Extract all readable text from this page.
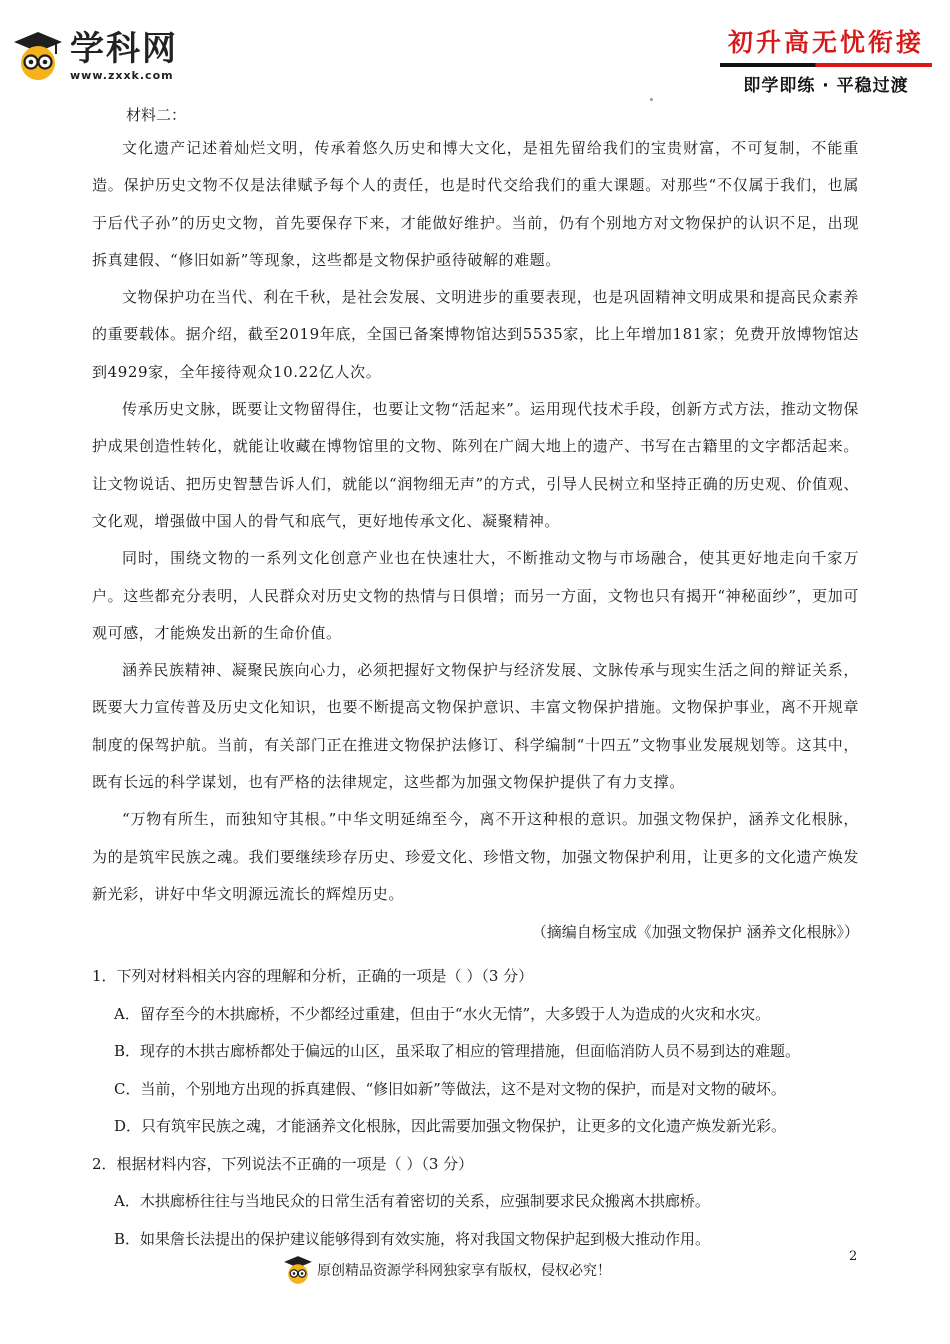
学科网
www.zxxk.com
初升高无忧衔接
即学即练 · 平稳过渡
材料二：

文化遗产记述着灿烂文明，传承着悠久历史和博大文化，是祖先留给我们的宝贵财富，不可复制，不能重造。保护历史文物不仅是法律赋予每个人的责任，也是时代交给我们的重大课题。对那些“不仅属于我们，也属于后代子孙”的历史文物，首先要保存下来，才能做好维护。当前，仍有个别地方对文物保护的认识不足，出现拆真建假、“修旧如新”等现象，这些都是文物保护亟待破解的难题。

文物保护功在当代、利在千秋，是社会发展、文明进步的重要表现，也是巩固精神文明成果和提高民众素养的重要载体。据介绍，截至2019年底，全国已备案博物馆达到5535家，比上年增加181家；免费开放博物馆达到4929家，全年接待观众10.22亿人次。

传承历史文脉，既要让文物留得住，也要让文物“活起来”。运用现代技术手段，创新方式方法，推动文物保护成果创造性转化，就能让收藏在博物馆里的文物、陈列在广阔大地上的遗产、书写在古籍里的文字都活起来。让文物说话、把历史智慧告诉人们，就能以“润物细无声”的方式，引导人民树立和坚持正确的历史观、价值观、文化观，增强做中国人的骨气和底气，更好地传承文化、凝聚精神。

同时，围绕文物的一系列文化创意产业也在快速壮大，不断推动文物与市场融合，使其更好地走向千家万户。这些都充分表明，人民群众对历史文物的热情与日俱增；而另一方面，文物也只有揭开“神秘面纱”，更加可观可感，才能焕发出新的生命价值。

涵养民族精神、凝聚民族向心力，必须把握好文物保护与经济发展、文脉传承与现实生活之间的辩证关系，既要大力宣传普及历史文化知识，也要不断提高文物保护意识、丰富文物保护措施。文物保护事业，离不开规章制度的保驾护航。当前，有关部门正在推进文物保护法修订、科学编制“十四五”文物事业发展规划等。这其中，既有长远的科学谋划，也有严格的法律规定，这些都为加强文物保护提供了有力支撑。

“万物有所生，而独知守其根。”中华文明延绵至今，离不开这种根的意识。加强文物保护，涵养文化根脉，为的是筑牢民族之魂。我们要继续珍存历史、珍爱文化、珍惜文物，加强文物保护利用，让更多的文化遗产焕发新光彩，讲好中华文明源远流长的辉煌历史。

（摘编自杨宝成《加强文物保护 涵养文化根脉》）
1．下列对材料相关内容的理解和分析，正确的一项是（ ）（3 分）
A．留存至今的木拱廊桥，不少都经过重建，但由于“水火无情”，大多毁于人为造成的火灾和水灾。
B．现存的木拱古廊桥都处于偏远的山区，虽采取了相应的管理措施，但面临消防人员不易到达的难题。
C．当前，个别地方出现的拆真建假、“修旧如新”等做法，这不是对文物的保护，而是对文物的破坏。
D．只有筑牢民族之魂，才能涵养文化根脉，因此需要加强文物保护，让更多的文化遗产焕发新光彩。
2．根据材料内容，下列说法不正确的一项是（ ）（3 分）
A．木拱廊桥往往与当地民众的日常生活有着密切的关系，应强制要求民众搬离木拱廊桥。
B．如果詹长法提出的保护建议能够得到有效实施，将对我国文物保护起到极大推动作用。
2
原创精品资源学科网独家享有版权，侵权必究！
